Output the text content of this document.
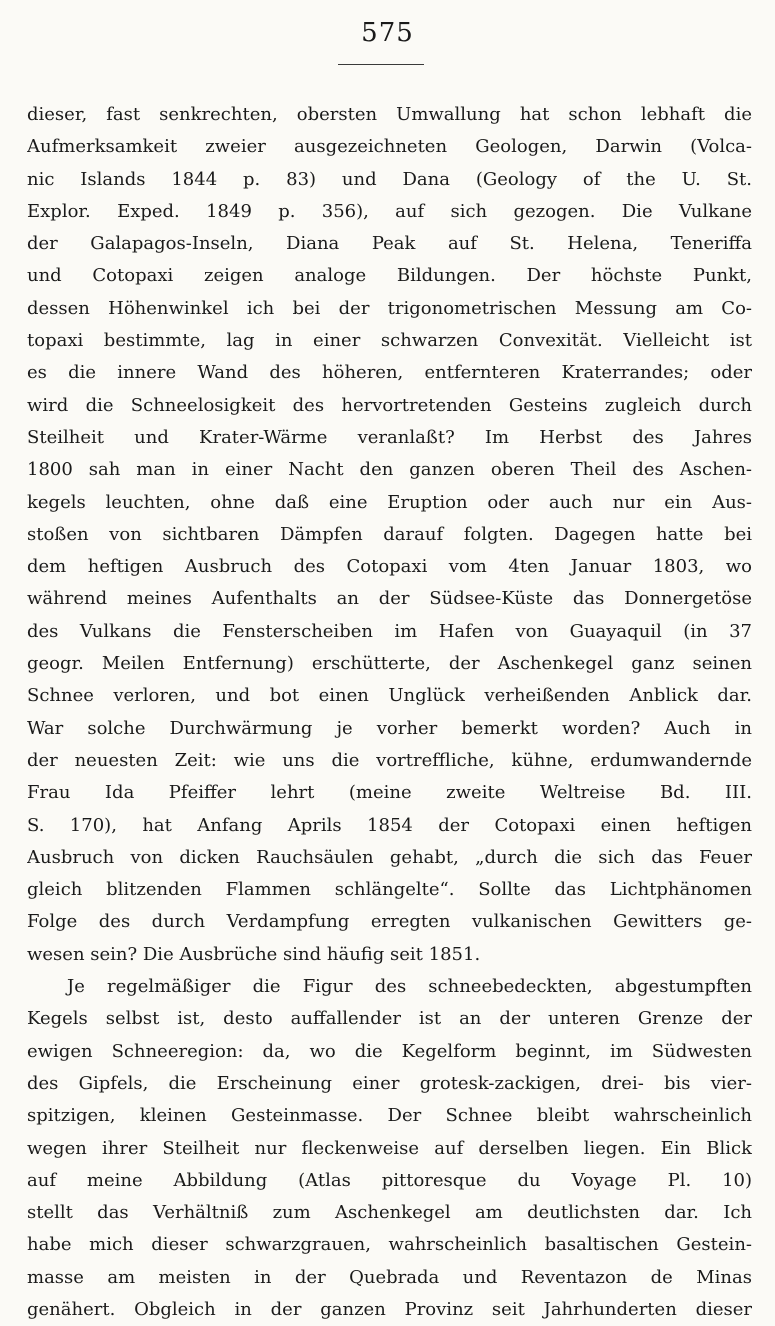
575
dieser, fast senkrechten, obersten Umwallung hat schon lebhaft die
Aufmerksamkeit zweier ausgezeichneten Geologen, Darwin (Volca-
nic Islands 1844 p. 83) und Dana (Geology of the U. St.
Explor. Exped. 1849 p. 356), auf sich gezogen. Die Vulkane
der Galapagos-Inseln, Diana Peak auf St. Helena, Teneriffa
und Cotopaxi zeigen analoge Bildungen. Der höchste Punkt,
dessen Höhenwinkel ich bei der trigonometrischen Messung am Co-
topaxi bestimmte, lag in einer schwarzen Convexität. Vielleicht ist
es die innere Wand des höheren, entfernteren Kraterrandes; oder
wird die Schneelosigkeit des hervortretenden Gesteins zugleich durch
Steilheit und Krater-Wärme veranlaßt? Im Herbst des Jahres
1800 sah man in einer Nacht den ganzen oberen Theil des Aschen-
kegels leuchten, ohne daß eine Eruption oder auch nur ein Aus-
stoßen von sichtbaren Dämpfen darauf folgten. Dagegen hatte bei
dem heftigen Ausbruch des Cotopaxi vom 4ten Januar 1803, wo
während meines Aufenthalts an der Südsee-Küste das Donnergetöse
des Vulkans die Fensterscheiben im Hafen von Guayaquil (in 37
geogr. Meilen Entfernung) erschütterte, der Aschenkegel ganz seinen
Schnee verloren, und bot einen Unglück verheißenden Anblick dar.
War solche Durchwärmung je vorher bemerkt worden? Auch in
der neuesten Zeit: wie uns die vortreffliche, kühne, erdumwandernde
Frau Ida Pfeiffer lehrt (meine zweite Weltreise Bd. III.
S. 170), hat Anfang Aprils 1854 der Cotopaxi einen heftigen
Ausbruch von dicken Rauchsäulen gehabt, „durch die sich das Feuer
gleich blitzenden Flammen schlängelte“. Sollte das Lichtphänomen
Folge des durch Verdampfung erregten vulkanischen Gewitters ge-
wesen sein? Die Ausbrüche sind häufig seit 1851.
Je regelmäßiger die Figur des schneebedeckten, abgestumpften
Kegels selbst ist, desto auffallender ist an der unteren Grenze der
ewigen Schneeregion: da, wo die Kegelform beginnt, im Südwesten
des Gipfels, die Erscheinung einer grotesk-zackigen, drei- bis vier-
spitzigen, kleinen Gesteinmasse. Der Schnee bleibt wahrscheinlich
wegen ihrer Steilheit nur fleckenweise auf derselben liegen. Ein Blick
auf meine Abbildung (Atlas pittoresque du Voyage Pl. 10)
stellt das Verhältniß zum Aschenkegel am deutlichsten dar. Ich
habe mich dieser schwarzgrauen, wahrscheinlich basaltischen Gestein-
masse am meisten in der Quebrada und Reventazon de Minas
genähert. Obgleich in der ganzen Provinz seit Jahrhunderten dieser
